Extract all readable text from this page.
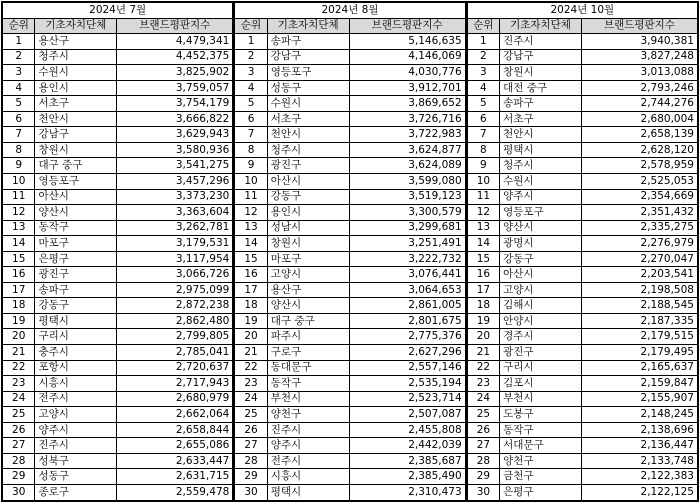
2024년 7월		
순위	기초자치단체	브랜드평판지수
1	용산구	4,479,341
2	청주시	4,452,375
3	수원시	3,825,902
4	용인시	3,759,057
5	서초구	3,754,179
6	천안시	3,666,822
7	강남구	3,629,943
8	창원시	3,580,936
9	대구 중구	3,541,275
10	영등포구	3,457,296
11	아산시	3,373,230
12	양산시	3,363,604
13	동작구	3,262,781
14	마포구	3,179,531
15	은평구	3,117,954
16	광진구	3,066,726
17	송파구	2,975,099
18	강동구	2,872,238
19	평택시	2,862,480
20	구리시	2,799,805
21	충주시	2,785,041
22	포항시	2,720,637
23	시흥시	2,717,943
24	전주시	2,680,979
25	고양시	2,662,064
26	양주시	2,658,844
27	진주시	2,655,086
28	성북구	2,633,447
29	성동구	2,631,715
30	종로구	2,559,478
2024년 8월		
순위	기초자치단체	브랜드평판지수
1	송파구	5,146,635
2	강남구	4,146,069
3	영등포구	4,030,776
4	성동구	3,912,701
5	수원시	3,869,652
6	서초구	3,726,716
7	천안시	3,722,983
8	청주시	3,624,877
9	광진구	3,624,089
10	아산시	3,599,080
11	강동구	3,519,123
12	용인시	3,300,579
13	성남시	3,299,681
14	창원시	3,251,491
15	마포구	3,222,732
16	고양시	3,076,441
17	용산구	3,064,653
18	양산시	2,861,005
19	대구 중구	2,801,675
20	파주시	2,775,376
21	구로구	2,627,296
22	동대문구	2,557,146
23	동작구	2,535,194
24	부천시	2,523,714
25	양천구	2,507,087
26	진주시	2,455,808
27	양주시	2,442,039
28	전주시	2,385,687
29	시흥시	2,385,490
30	평택시	2,310,473
2024년 10월		
순위	기초자치단체	브랜드평판지수
1	진주시	3,940,381
2	강남구	3,827,248
3	창원시	3,013,088
4	대전 중구	2,793,246
5	송파구	2,744,276
6	서초구	2,680,004
7	천안시	2,658,139
8	평택시	2,628,120
9	청주시	2,578,959
10	수원시	2,525,053
11	양주시	2,354,669
12	영등포구	2,351,432
13	양산시	2,335,275
14	광명시	2,276,979
15	강동구	2,270,047
16	아산시	2,203,541
17	고양시	2,198,508
18	김해시	2,188,545
19	안양시	2,187,335
20	경주시	2,179,515
21	광진구	2,179,495
22	구리시	2,165,637
23	김포시	2,159,847
24	부천시	2,155,907
25	도봉구	2,148,245
26	동작구	2,138,696
27	서대문구	2,136,447
28	양천구	2,133,748
29	금천구	2,122,383
30	은평구	2,122,125
